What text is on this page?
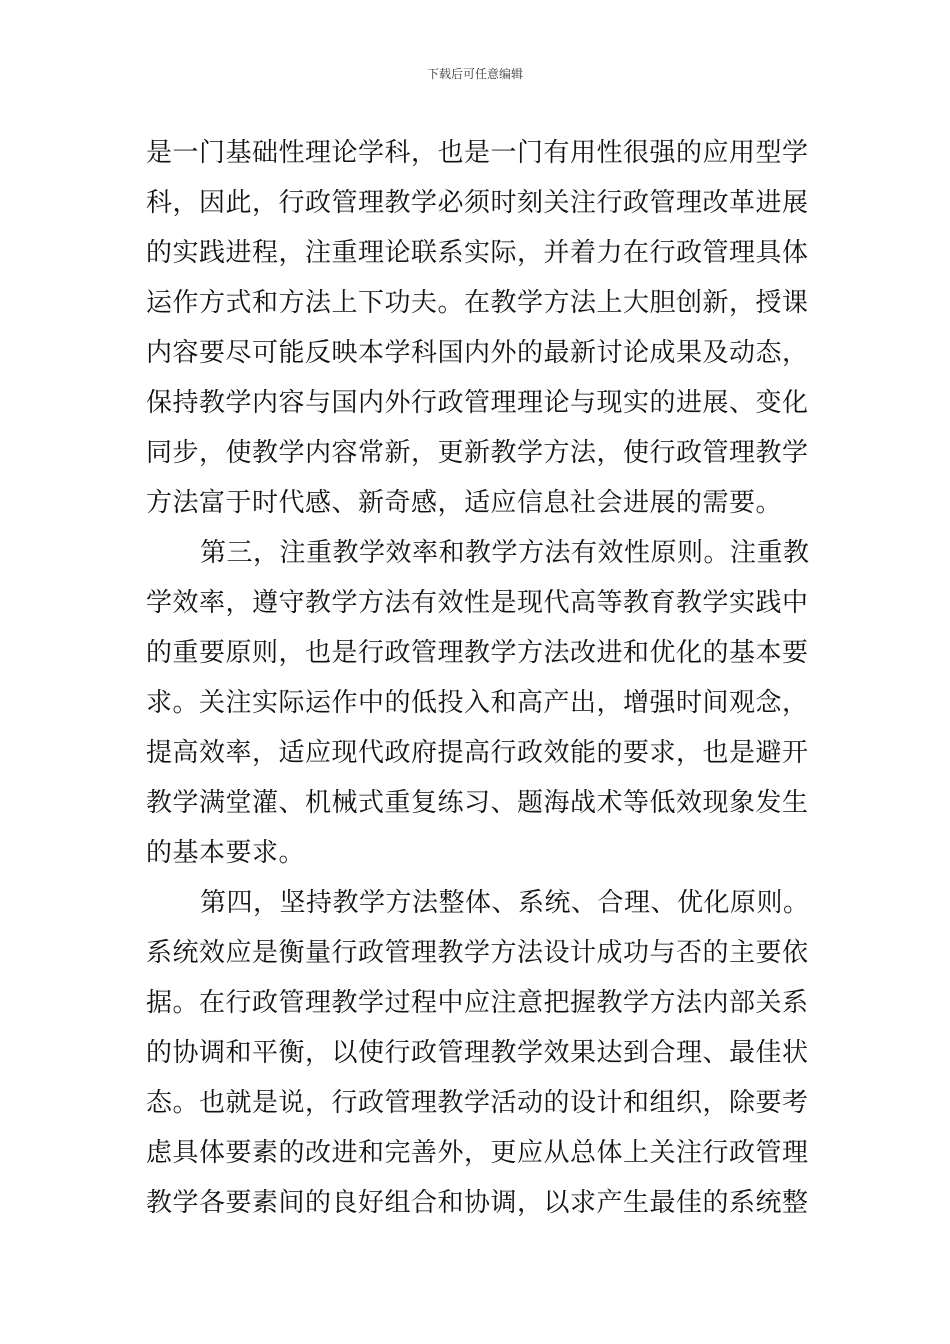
下载后可任意编辑
是一门基础性理论学科，也是一门有用性很强的应用型学
科，因此，行政管理教学必须时刻关注行政管理改革进展
的实践进程，注重理论联系实际，并着力在行政管理具体
运作方式和方法上下功夫。在教学方法上大胆创新，授课
内容要尽可能反映本学科国内外的最新讨论成果及动态，
保持教学内容与国内外行政管理理论与现实的进展、变化
同步，使教学内容常新，更新教学方法，使行政管理教学
方法富于时代感、新奇感，适应信息社会进展的需要。
第三，注重教学效率和教学方法有效性原则。注重教
学效率，遵守教学方法有效性是现代高等教育教学实践中
的重要原则，也是行政管理教学方法改进和优化的基本要
求。关注实际运作中的低投入和高产出，增强时间观念，
提高效率，适应现代政府提高行政效能的要求，也是避开
教学满堂灌、机械式重复练习、题海战术等低效现象发生
的基本要求。
第四，坚持教学方法整体、系统、合理、优化原则。
系统效应是衡量行政管理教学方法设计成功与否的主要依
据。在行政管理教学过程中应注意把握教学方法内部关系
的协调和平衡，以使行政管理教学效果达到合理、最佳状
态。也就是说，行政管理教学活动的设计和组织，除要考
虑具体要素的改进和完善外，更应从总体上关注行政管理
教学各要素间的良好组合和协调，以求产生最佳的系统整
